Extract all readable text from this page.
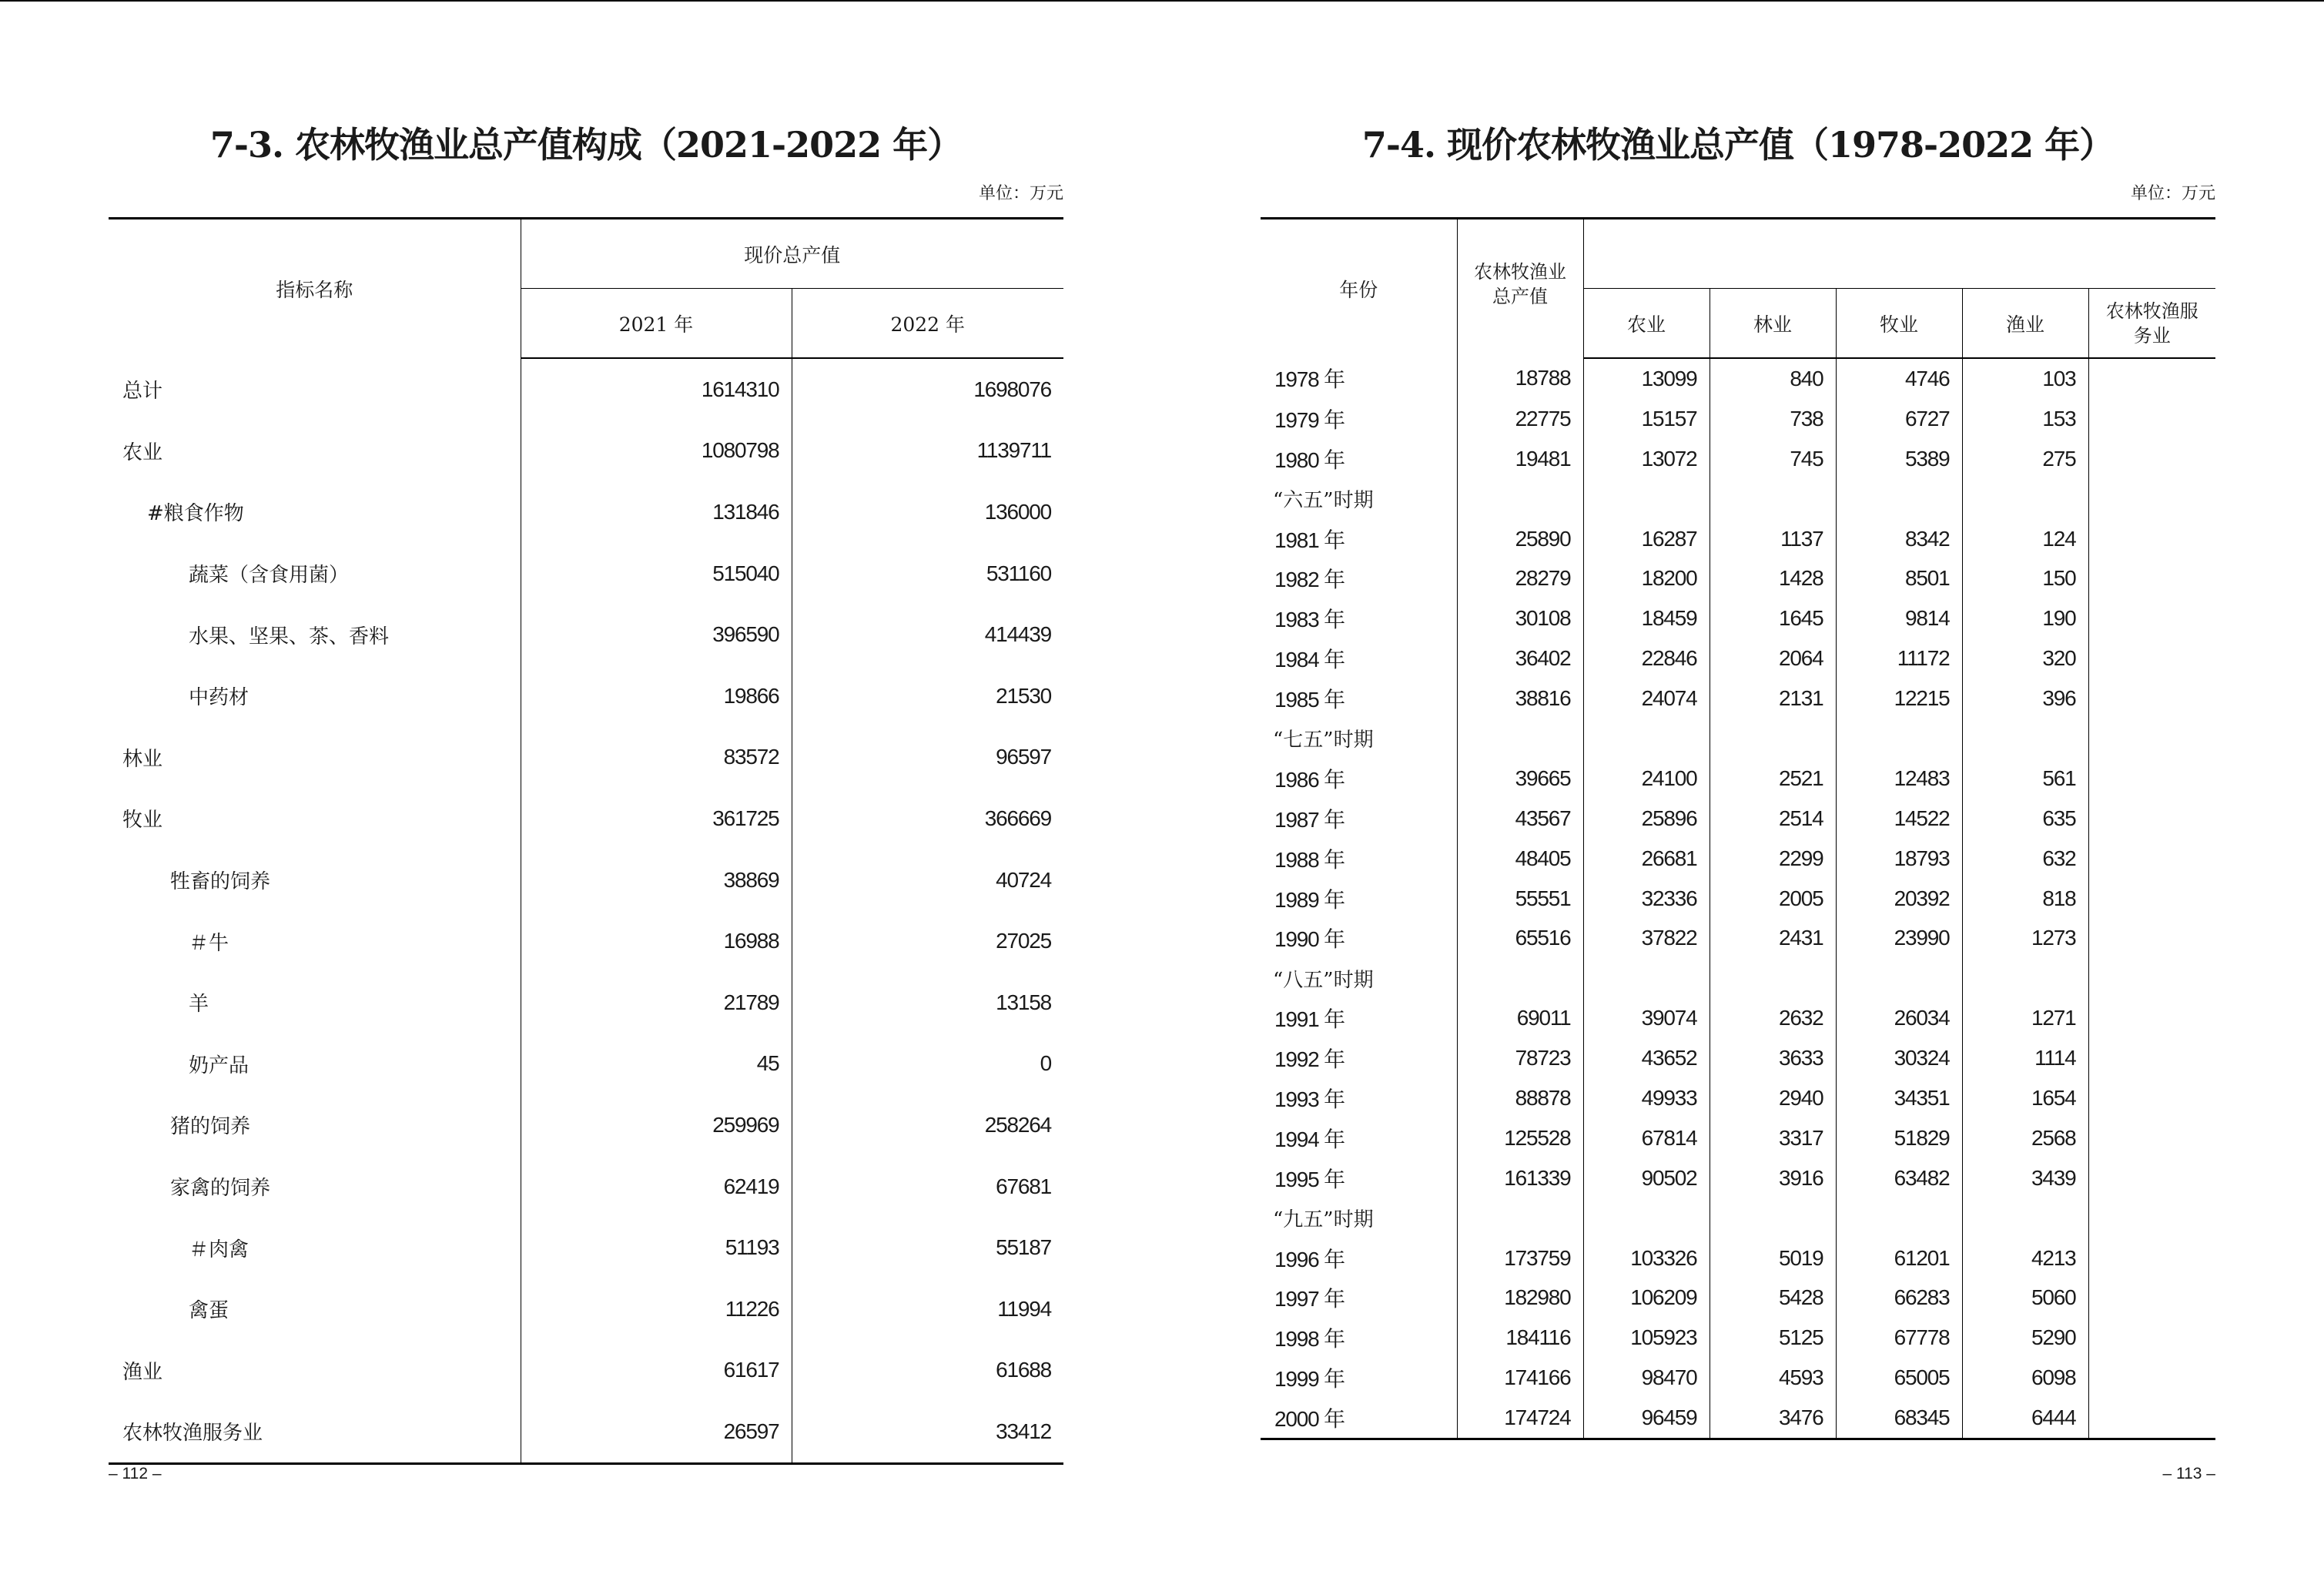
7-3. 农林牧渔业总产值构成（2021-2022 年）
单位：万元
指标名称	现价总产值	
	2021 年	2022 年
总计	1614310	1698076
农业	1080798	1139711
#粮食作物	131846	136000
蔬菜（含食用菌）	515040	531160
水果、坚果、茶、香料	396590	414439
中药材	19866	21530
林业	83572	96597
牧业	361725	366669
牲畜的饲养	38869	40724
＃牛	16988	27025
羊	21789	13158
奶产品	45	0
猪的饲养	259969	258264
家禽的饲养	62419	67681
＃肉禽	51193	55187
禽蛋	11226	11994
渔业	61617	61688
农林牧渔服务业	26597	33412
– 112 –
7-4. 现价农林牧渔业总产值（1978-2022 年）
单位：万元
年份	农林牧渔业总产值					
		农业	林业	牧业	渔业	农林牧渔服务业
1978 年	18788	13099	840	4746	103	
1979 年	22775	15157	738	6727	153	
1980 年	19481	13072	745	5389	275	
“六五”时期						
1981 年	25890	16287	1137	8342	124	
1982 年	28279	18200	1428	8501	150	
1983 年	30108	18459	1645	9814	190	
1984 年	36402	22846	2064	11172	320	
1985 年	38816	24074	2131	12215	396	
“七五”时期						
1986 年	39665	24100	2521	12483	561	
1987 年	43567	25896	2514	14522	635	
1988 年	48405	26681	2299	18793	632	
1989 年	55551	32336	2005	20392	818	
1990 年	65516	37822	2431	23990	1273	
“八五”时期						
1991 年	69011	39074	2632	26034	1271	
1992 年	78723	43652	3633	30324	1114	
1993 年	88878	49933	2940	34351	1654	
1994 年	125528	67814	3317	51829	2568	
1995 年	161339	90502	3916	63482	3439	
“九五”时期						
1996 年	173759	103326	5019	61201	4213	
1997 年	182980	106209	5428	66283	5060	
1998 年	184116	105923	5125	67778	5290	
1999 年	174166	98470	4593	65005	6098	
2000 年	174724	96459	3476	68345	6444	
– 113 –
